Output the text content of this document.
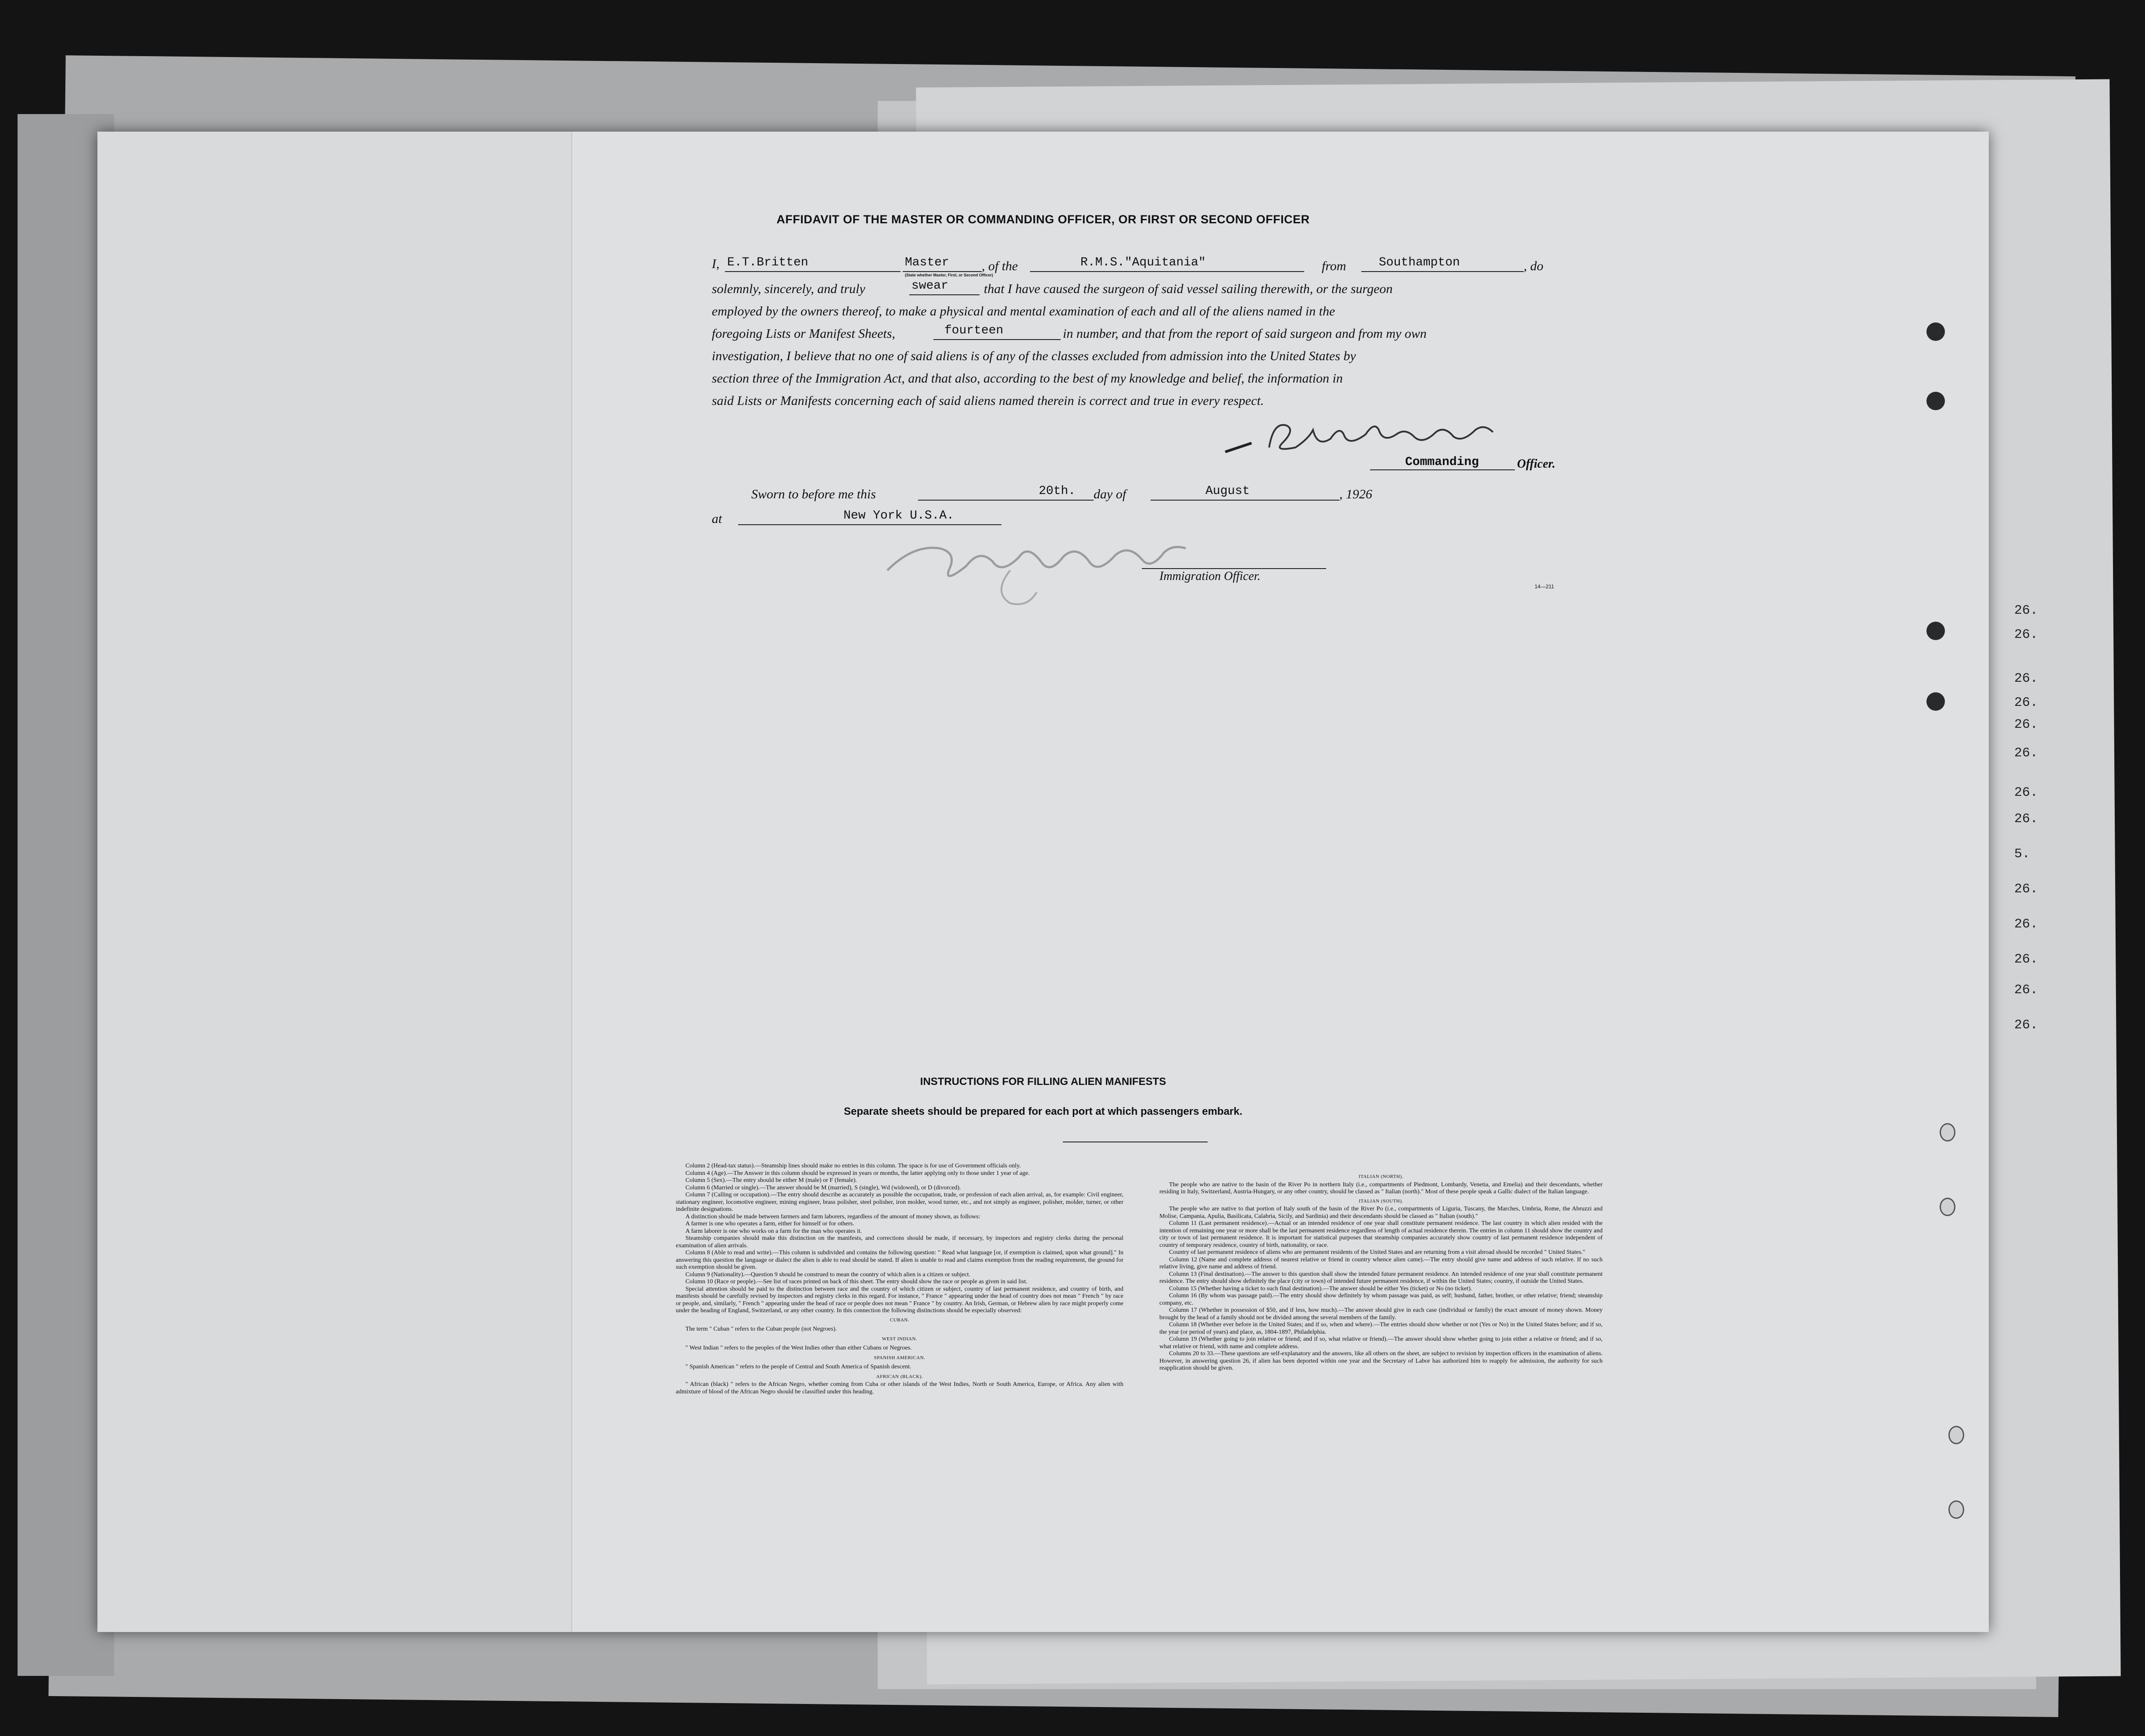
26.
26.
26.
26.
26.
26.
26.
26.
5.
26.
26.
26.
26.
26.
AFFIDAVIT OF THE MASTER OR COMMANDING OFFICER, OR FIRST OR SECOND OFFICER
I, E.T.Britten	Master
(State whether Master, First, or Second Officer)
, of the	R.M.S."Aquitania"	from	Southampton	, do
solemnly, sincerely, and truly	swear	that I have caused the surgeon of said vessel sailing therewith, or the surgeon
employed by the owners thereof, to make a physical and mental examination of each and all of the aliens named in the
foregoing Lists or Manifest Sheets,	fourteen	in number, and that from the report of said surgeon and from my own
investigation, I believe that no one of said aliens is of any of the classes excluded from admission into the United States by
section three of the Immigration Act, and that also, according to the best of my knowledge and belief, the information in
said Lists or Manifests concerning each of said aliens named therein is correct and true in every respect.
Commanding	Officer.
Sworn to before me this	20th. day of	August	, 1926
at	New York U.S.A.
Immigration Officer.
14—211
INSTRUCTIONS FOR FILLING ALIEN MANIFESTS
Separate sheets should be prepared for each port at which passengers embark.

Column 2 (Head-tax status).—Steamship lines should make no entries in this column. The space is for use of Government officials only.

Column 4 (Age).—The Answer in this column should be expressed in years or months, the latter applying only to those under 1 year of age.

Column 5 (Sex).—The entry should be either M (male) or F (female).

Column 6 (Married or single).—The answer should be M (married), S (single), Wd (widowed), or D (divorced).

Column 7 (Calling or occupation).—The entry should describe as accurately as possible the occupation, trade, or profession of each alien arrival, as, for example: Civil engineer, stationary engineer, locomotive engineer, mining engineer, brass polisher, steel polisher, iron molder, wood turner, etc., and not simply as engineer, polisher, molder, turner, or other indefinite designations.

A distinction should be made between farmers and farm laborers, regardless of the amount of money shown, as follows:

A farmer is one who operates a farm, either for himself or for others.

A farm laborer is one who works on a farm for the man who operates it.

Steamship companies should make this distinction on the manifests, and corrections should be made, if necessary, by inspectors and registry clerks during the personal examination of alien arrivals.

Column 8 (Able to read and write).—This column is subdivided and contains the following question: " Read what language [or, if exemption is claimed, upon what ground]." In answering this question the language or dialect the alien is able to read should be stated. If alien is unable to read and claims exemption from the reading requirement, the ground for such exemption should be given.

Column 9 (Nationality).—Question 9 should be construed to mean the country of which alien is a citizen or subject.

Column 10 (Race or people).—See list of races printed on back of this sheet. The entry should show the race or people as given in said list.

Special attention should be paid to the distinction between race and the country of which citizen or subject, country of last permanent residence, and country of birth, and manifests should be carefully revised by inspectors and registry clerks in this regard. For instance, " France " appearing under the head of country does not mean " French " by race or people, and, similarly, " French " appearing under the head of race or people does not mean " France " by country. An Irish, German, or Hebrew alien by race might properly come under the heading of England, Switzerland, or any other country. In this connection the following distinctions should be especially observed:

CUBAN.

The term " Cuban " refers to the Cuban people (not Negroes).

WEST INDIAN.

" West Indian " refers to the peoples of the West Indies other than either Cubans or Negroes.

SPANISH AMERICAN.

" Spanish American " refers to the people of Central and South America of Spanish descent.

AFRICAN (BLACK).

" African (black) " refers to the African Negro, whether coming from Cuba or other islands of the West Indies, North or South America, Europe, or Africa. Any alien with admixture of blood of the African Negro should be classified under this heading.

ITALIAN (NORTH).

The people who are native to the basin of the River Po in northern Italy (i.e., compartments of Piedmont, Lombardy, Venetia, and Emelia) and their descendants, whether residing in Italy, Switzerland, Austria-Hungary, or any other country, should be classed as " Italian (north)." Most of these people speak a Gallic dialect of the Italian language.

ITALIAN (SOUTH).

The people who are native to that portion of Italy south of the basin of the River Po (i.e., compartments of Liguria, Tuscany, the Marches, Umbria, Rome, the Abruzzi and Molise, Campania, Apulia, Basilicata, Calabria, Sicily, and Sardinia) and their descendants should be classed as " Italian (south)."

Column 11 (Last permanent residence).—Actual or an intended residence of one year shall constitute permanent residence. The last country in which alien resided with the intention of remaining one year or more shall be the last permanent residence regardless of length of actual residence therein. The entries in column 11 should show the country and city or town of last permanent residence. It is important for statistical purposes that steamship companies accurately show country of last permanent residence independent of country of temporary residence, country of birth, nationality, or race.

Country of last permanent residence of aliens who are permanent residents of the United States and are returning from a visit abroad should be recorded " United States."

Column 12 (Name and complete address of nearest relative or friend in country whence alien came).—The entry should give name and address of such relative. If no such relative living, give name and address of friend.

Column 13 (Final destination).—The answer to this question shall show the intended future permanent residence. An intended residence of one year shall constitute permanent residence. The entry should show definitely the place (city or town) of intended future permanent residence, if within the United States; country, if outside the United States.

Column 15 (Whether having a ticket to such final destination).—The answer should be either Yes (ticket) or No (no ticket).

Column 16 (By whom was passage paid).—The entry should show definitely by whom passage was paid, as self; husband, father, brother, or other relative; friend; steamship company, etc.

Column 17 (Whether in possession of $50, and if less, how much).—The answer should give in each case (individual or family) the exact amount of money shown. Money brought by the head of a family should not be divided among the several members of the family.

Column 18 (Whether ever before in the United States; and if so, when and where).—The entries should show whether or not (Yes or No) in the United States before; and if so, the year (or period of years) and place, as, 1804-1897, Philadelphia.

Column 19 (Whether going to join relative or friend; and if so, what relative or friend).—The answer should show whether going to join either a relative or friend; and if so, what relative or friend, with name and complete address.

Columns 20 to 33.—These questions are self-explanatory and the answers, like all others on the sheet, are subject to revision by inspection officers in the examination of aliens. However, in answering question 26, if alien has been deported within one year and the Secretary of Labor has authorized him to reapply for admission, the authority for such reapplication should be given.
